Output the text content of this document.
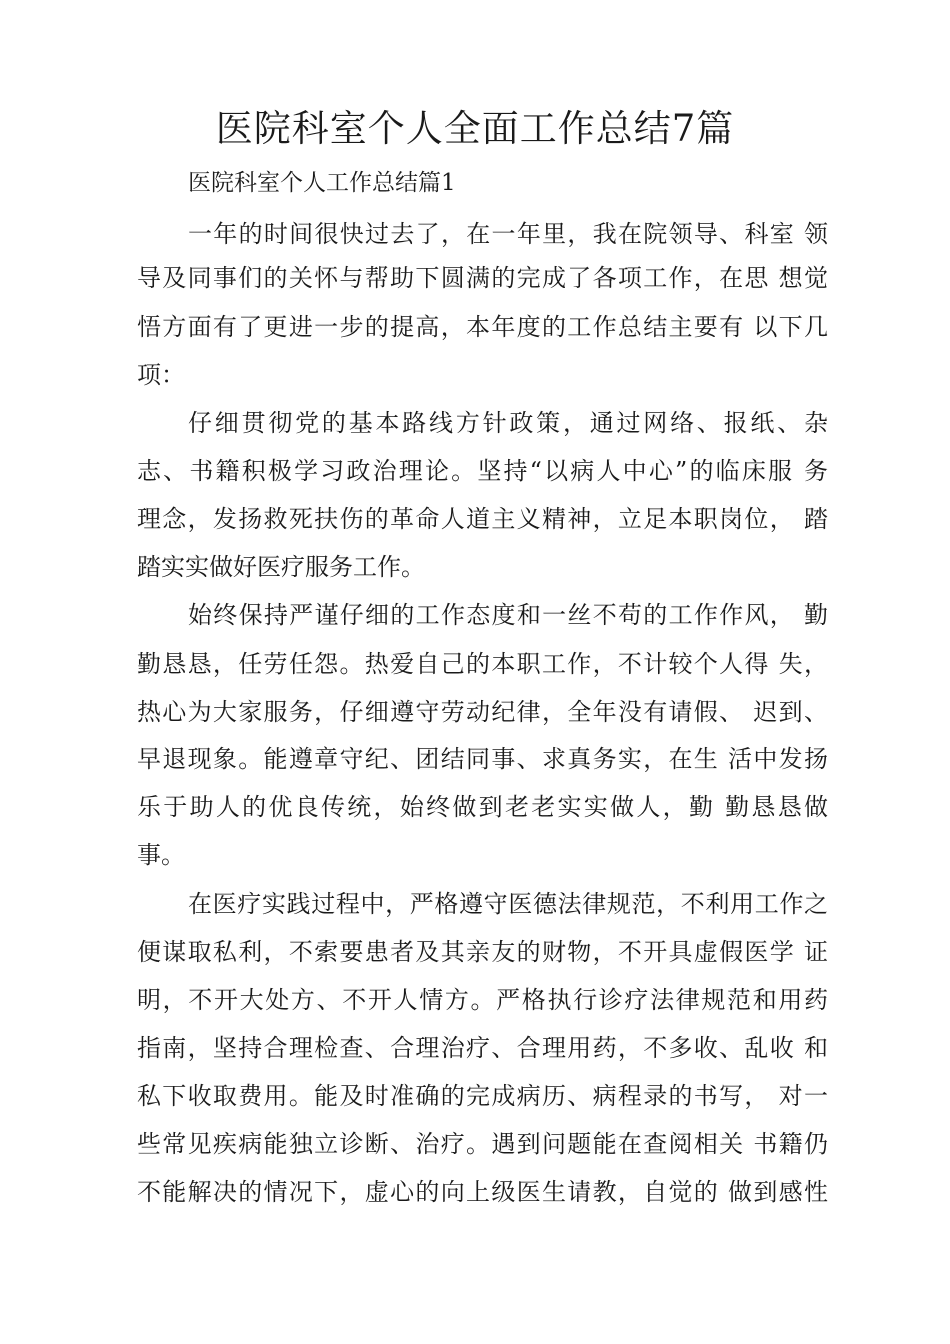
医院科室个人全面工作总结7篇
医院科室个人工作总结篇1
一年的时间很快过去了，在一年里，我在院领导、科室 领
导及同事们的关怀与帮助下圆满的完成了各项工作，在思 想觉
悟方面有了更进一步的提高，本年度的工作总结主要有 以下几
项：
仔细贯彻党的基本路线方针政策，通过网络、报纸、杂
志、书籍积极学习政治理论。坚持“以病人中心”的临床服 务
理念，发扬救死扶伤的革命人道主义精神，立足本职岗位， 踏
踏实实做好医疗服务工作。
始终保持严谨仔细的工作态度和一丝不苟的工作作风， 勤
勤恳恳，任劳任怨。热爱自己的本职工作，不计较个人得 失，
热心为大家服务，仔细遵守劳动纪律，全年没有请假、 迟到、
早退现象。能遵章守纪、团结同事、求真务实，在生 活中发扬
乐于助人的优良传统，始终做到老老实实做人，勤 勤恳恳做
事。
在医疗实践过程中，严格遵守医德法律规范，不利用工作之
便谋取私利，不索要患者及其亲友的财物，不开具虚假医学 证
明，不开大处方、不开人情方。严格执行诊疗法律规范和用药
指南，坚持合理检查、合理治疗、合理用药，不多收、乱收 和
私下收取费用。能及时准确的完成病历、病程录的书写， 对一
些常见疾病能独立诊断、治疗。遇到问题能在查阅相关 书籍仍
不能解决的情况下，虚心的向上级医生请教，自觉的 做到感性
